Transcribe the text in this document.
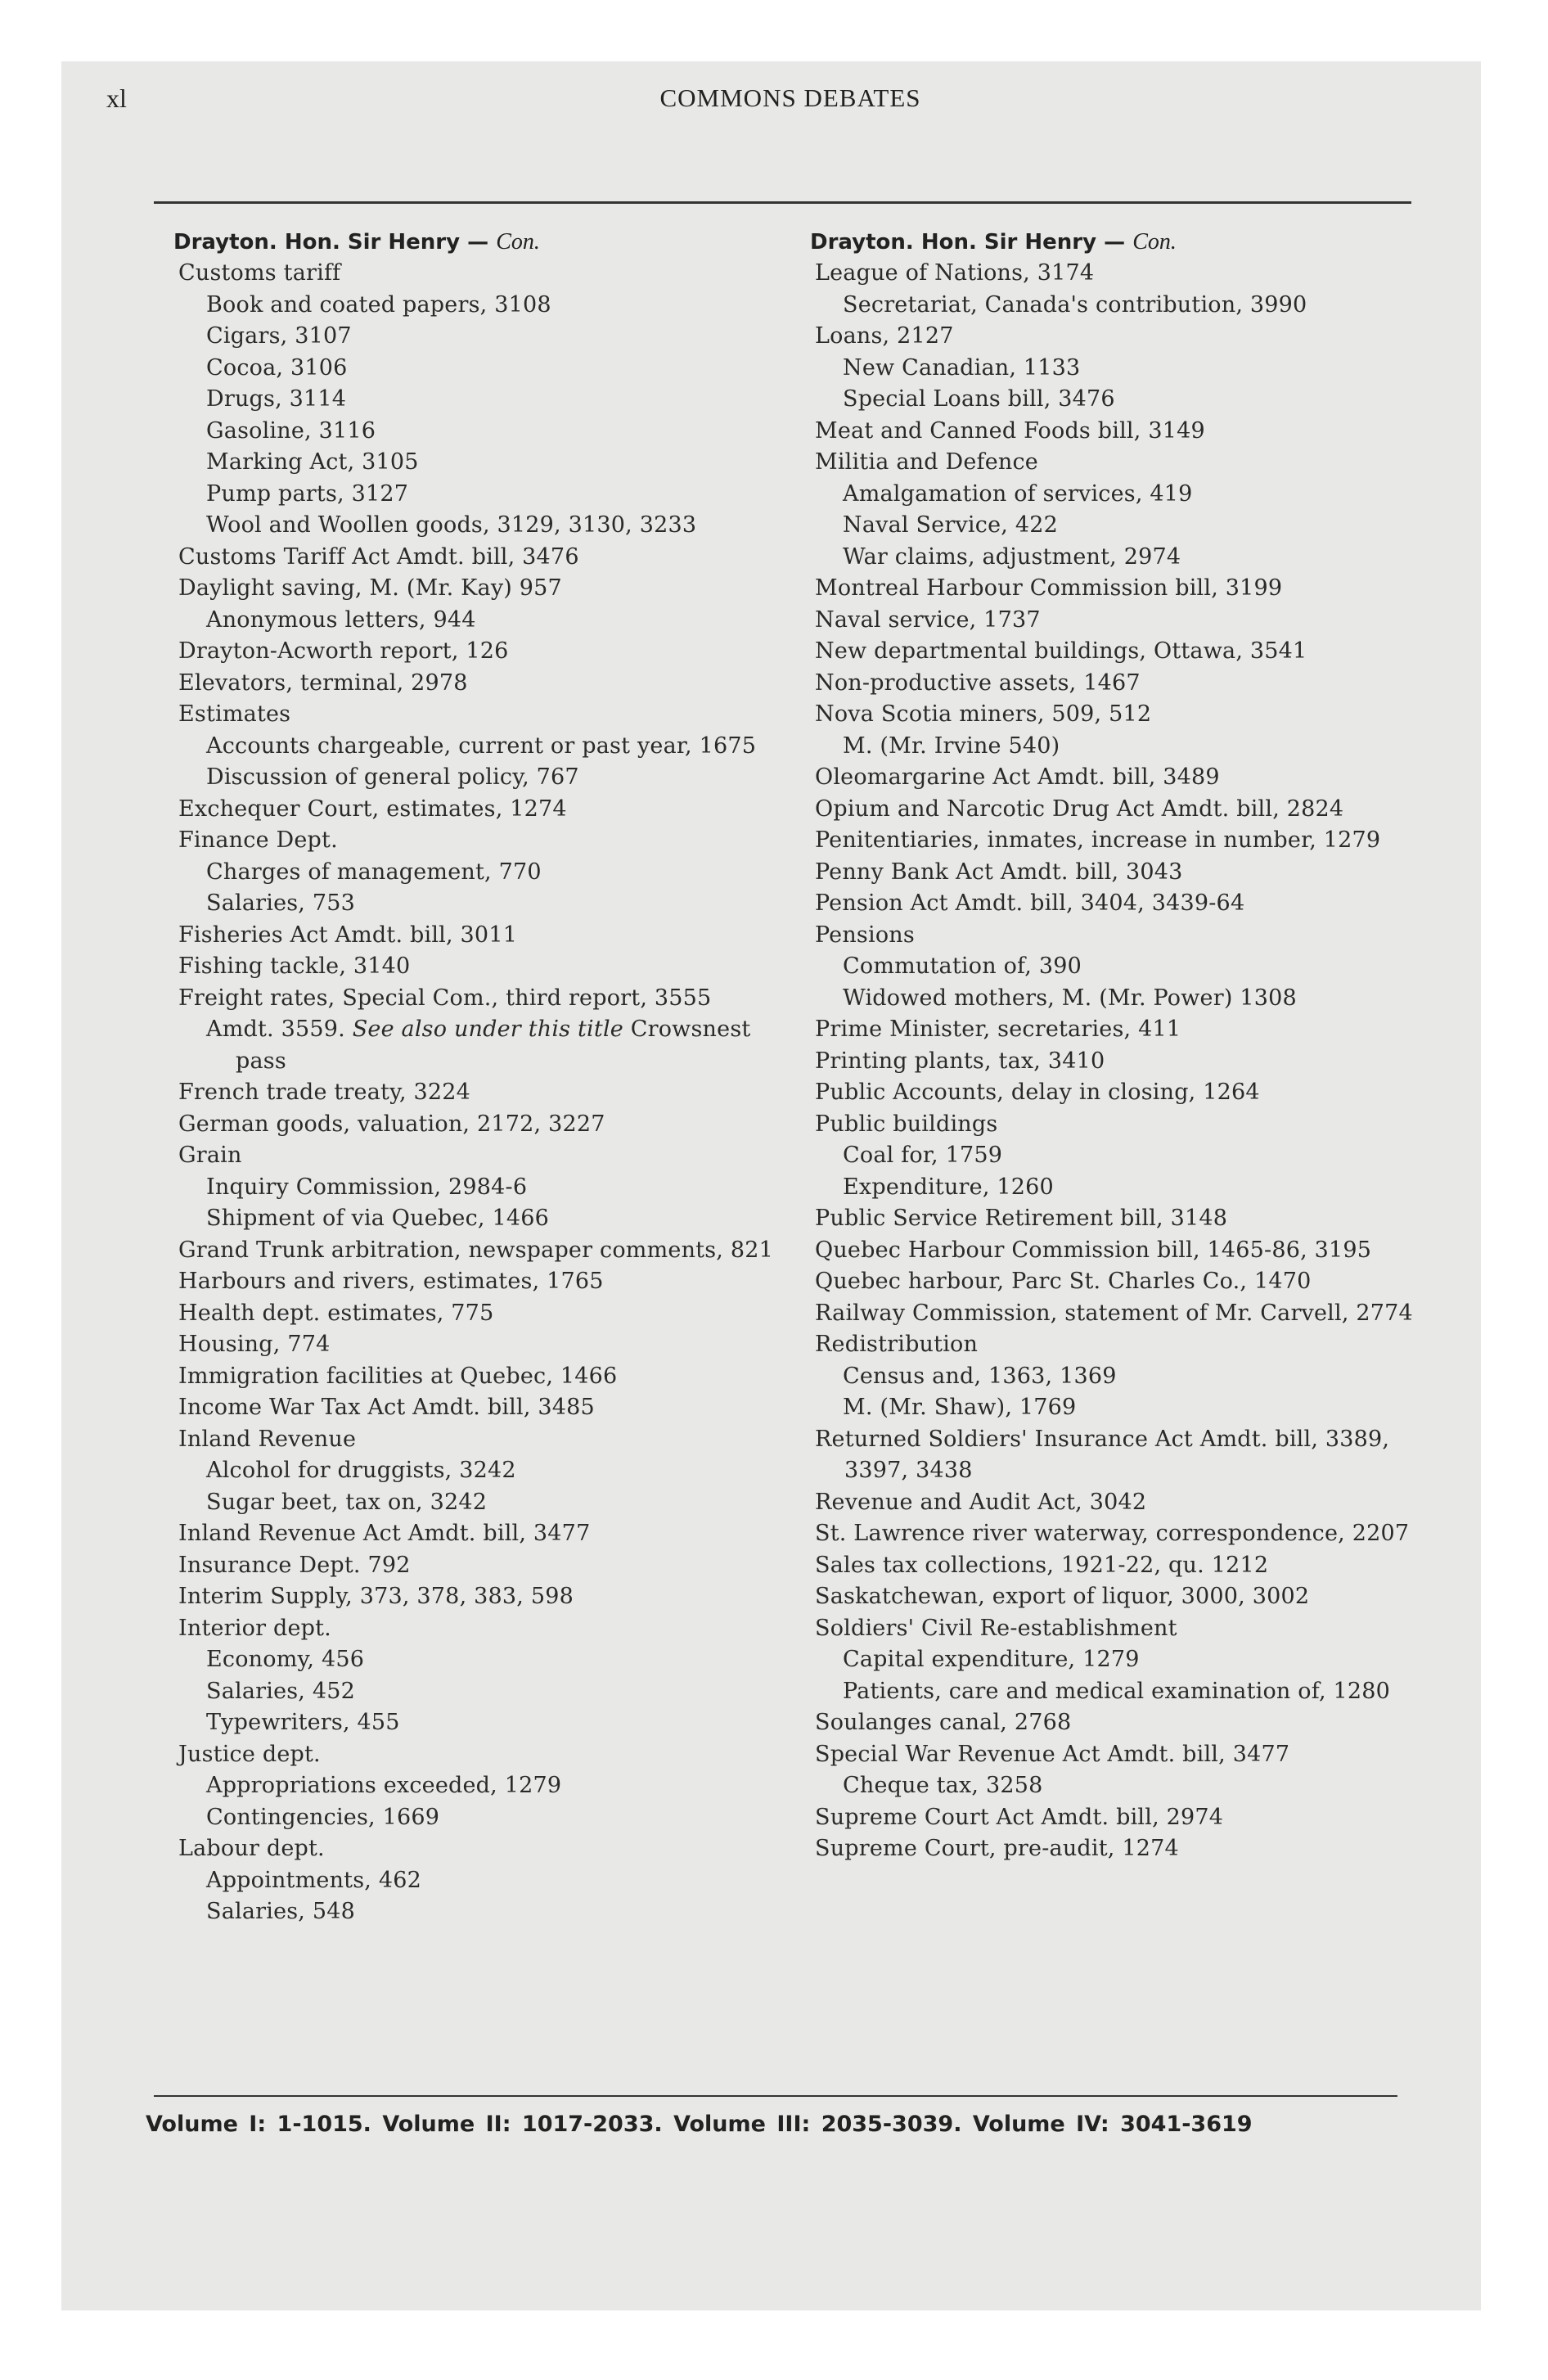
xl	COMMONS DEBATES
Drayton. Hon. Sir Henry — Con.
Customs tariff
Book and coated papers, 3108
Cigars, 3107
Cocoa, 3106
Drugs, 3114
Gasoline, 3116
Marking Act, 3105
Pump parts, 3127
Wool and Woollen goods, 3129, 3130, 3233
Customs Tariff Act Amdt. bill, 3476
Daylight saving, M. (Mr. Kay) 957
Anonymous letters, 944
Drayton-Acworth report, 126
Elevators, terminal, 2978
Estimates
Accounts chargeable, current or past year, 1675
Discussion of general policy, 767
Exchequer Court, estimates, 1274
Finance Dept.
Charges of management, 770
Salaries, 753
Fisheries Act Amdt. bill, 3011
Fishing tackle, 3140
Freight rates, Special Com., third report, 3555
Amdt. 3559. See also under this title Crowsnest pass
French trade treaty, 3224
German goods, valuation, 2172, 3227
Grain
Inquiry Commission, 2984-6
Shipment of via Quebec, 1466
Grand Trunk arbitration, newspaper comments, 821
Harbours and rivers, estimates, 1765
Health dept. estimates, 775
Housing, 774
Immigration facilities at Quebec, 1466
Income War Tax Act Amdt. bill, 3485
Inland Revenue
Alcohol for druggists, 3242
Sugar beet, tax on, 3242
Inland Revenue Act Amdt. bill, 3477
Insurance Dept. 792
Interim Supply, 373, 378, 383, 598
Interior dept.
Economy, 456
Salaries, 452
Typewriters, 455
Justice dept.
Appropriations exceeded, 1279
Contingencies, 1669
Labour dept.
Appointments, 462
Salaries, 548
Drayton. Hon. Sir Henry — Con.
League of Nations, 3174
Secretariat, Canada's contribution, 3990
Loans, 2127
New Canadian, 1133
Special Loans bill, 3476
Meat and Canned Foods bill, 3149
Militia and Defence
Amalgamation of services, 419
Naval Service, 422
War claims, adjustment, 2974
Montreal Harbour Commission bill, 3199
Naval service, 1737
New departmental buildings, Ottawa, 3541
Non-productive assets, 1467
Nova Scotia miners, 509, 512
M. (Mr. Irvine 540)
Oleomargarine Act Amdt. bill, 3489
Opium and Narcotic Drug Act Amdt. bill, 2824
Penitentiaries, inmates, increase in number, 1279
Penny Bank Act Amdt. bill, 3043
Pension Act Amdt. bill, 3404, 3439-64
Pensions
Commutation of, 390
Widowed mothers, M. (Mr. Power) 1308
Prime Minister, secretaries, 411
Printing plants, tax, 3410
Public Accounts, delay in closing, 1264
Public buildings
Coal for, 1759
Expenditure, 1260
Public Service Retirement bill, 3148
Quebec Harbour Commission bill, 1465-86, 3195
Quebec harbour, Parc St. Charles Co., 1470
Railway Commission, statement of Mr. Carvell, 2774
Redistribution
Census and, 1363, 1369
M. (Mr. Shaw), 1769
Returned Soldiers' Insurance Act Amdt. bill, 3389, 3397, 3438
Revenue and Audit Act, 3042
St. Lawrence river waterway, correspondence, 2207
Sales tax collections, 1921-22, qu. 1212
Saskatchewan, export of liquor, 3000, 3002
Soldiers' Civil Re-establishment
Capital expenditure, 1279
Patients, care and medical examination of, 1280
Soulanges canal, 2768
Special War Revenue Act Amdt. bill, 3477
Cheque tax, 3258
Supreme Court Act Amdt. bill, 2974
Supreme Court, pre-audit, 1274
Volume I: 1-1015. Volume II: 1017-2033. Volume III: 2035-3039. Volume IV: 3041-3619
